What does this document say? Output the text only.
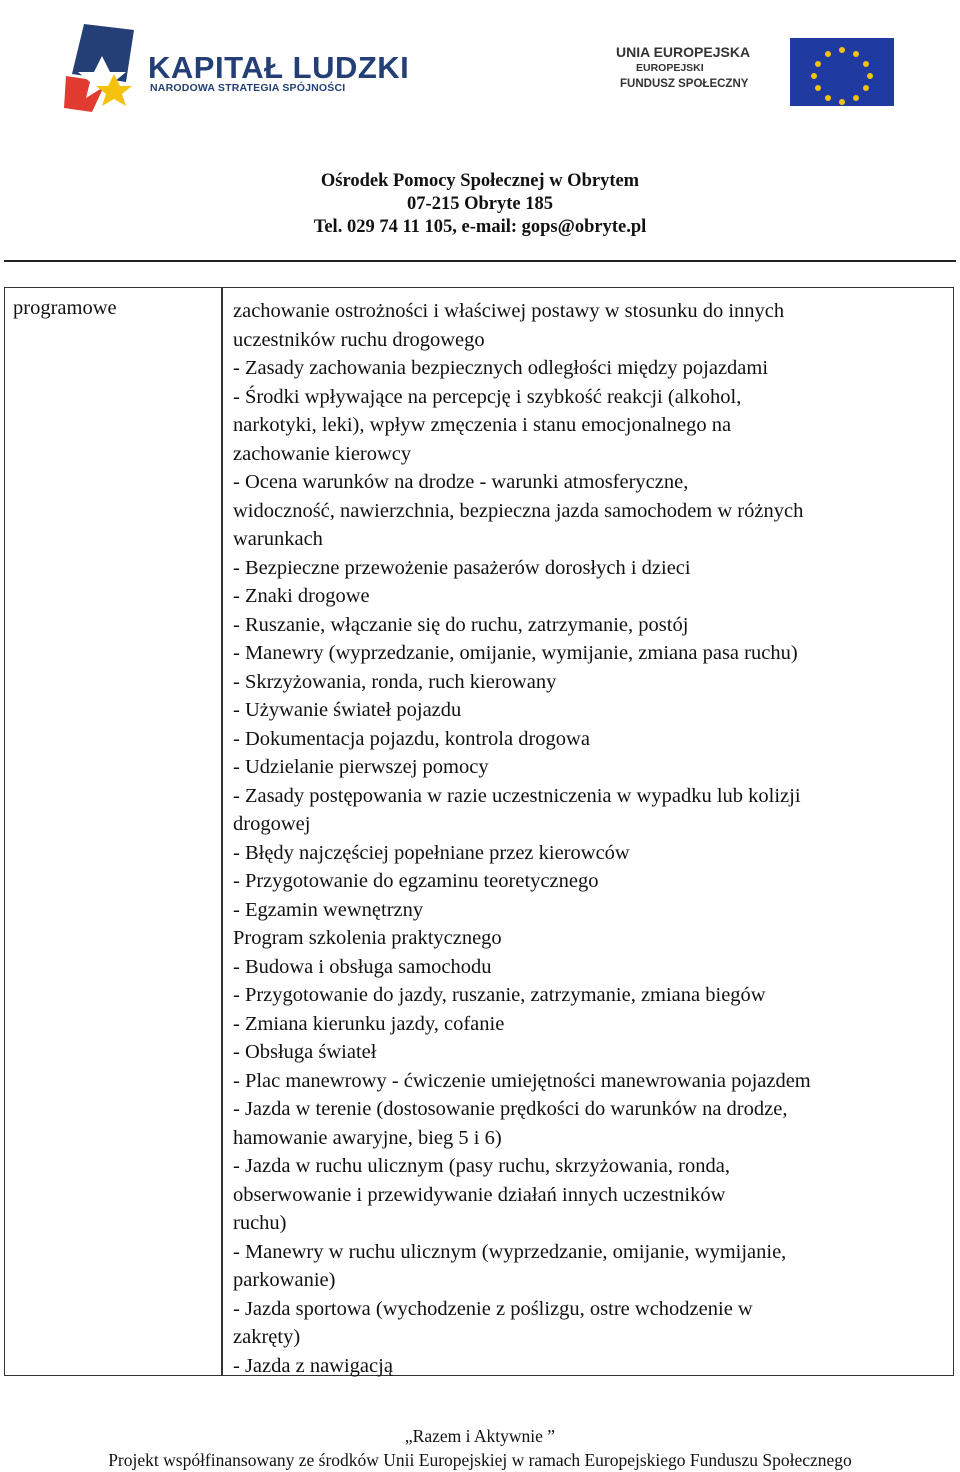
KAPITAŁ LUDZKI
NARODOWA STRATEGIA SPÓJNOŚCI
UNIA EUROPEJSKA
EUROPEJSKI
FUNDUSZ SPOŁECZNY
Ośrodek Pomocy Społecznej w Obrytem
07-215 Obryte 185
Tel. 029 74 11 105, e-mail: gops@obryte.pl
programowe	zachowanie ostrożności i właściwej postawy w stosunku do innych
uczestników ruchu drogowego
- Zasady zachowania bezpiecznych odległości między pojazdami
- Środki wpływające na percepcję i szybkość reakcji (alkohol,
narkotyki, leki), wpływ zmęczenia i stanu emocjonalnego na
zachowanie kierowcy
- Ocena warunków na drodze - warunki atmosferyczne,
widoczność, nawierzchnia, bezpieczna jazda samochodem w różnych
warunkach
- Bezpieczne przewożenie pasażerów dorosłych i dzieci
- Znaki drogowe
- Ruszanie, włączanie się do ruchu, zatrzymanie, postój
- Manewry (wyprzedzanie, omijanie, wymijanie, zmiana pasa ruchu)
- Skrzyżowania, ronda, ruch kierowany
- Używanie świateł pojazdu
- Dokumentacja pojazdu, kontrola drogowa
- Udzielanie pierwszej pomocy
- Zasady postępowania w razie uczestniczenia w wypadku lub kolizji
drogowej
- Błędy najczęściej popełniane przez kierowców
- Przygotowanie do egzaminu teoretycznego
- Egzamin wewnętrzny
Program szkolenia praktycznego
- Budowa i obsługa samochodu
- Przygotowanie do jazdy, ruszanie, zatrzymanie, zmiana biegów
- Zmiana kierunku jazdy, cofanie
- Obsługa świateł
- Plac manewrowy - ćwiczenie umiejętności manewrowania pojazdem
- Jazda w terenie (dostosowanie prędkości do warunków na drodze,
hamowanie awaryjne, bieg 5 i 6)
- Jazda w ruchu ulicznym (pasy ruchu, skrzyżowania, ronda,
obserwowanie i przewidywanie działań innych uczestników
ruchu)
- Manewry w ruchu ulicznym (wyprzedzanie, omijanie, wymijanie,
parkowanie)
- Jazda sportowa (wychodzenie z poślizgu, ostre wchodzenie w
zakręty)
- Jazda z nawigacją
„Razem i Aktywnie ”
Projekt współfinansowany ze środków Unii Europejskiej w ramach Europejskiego Funduszu Społecznego
